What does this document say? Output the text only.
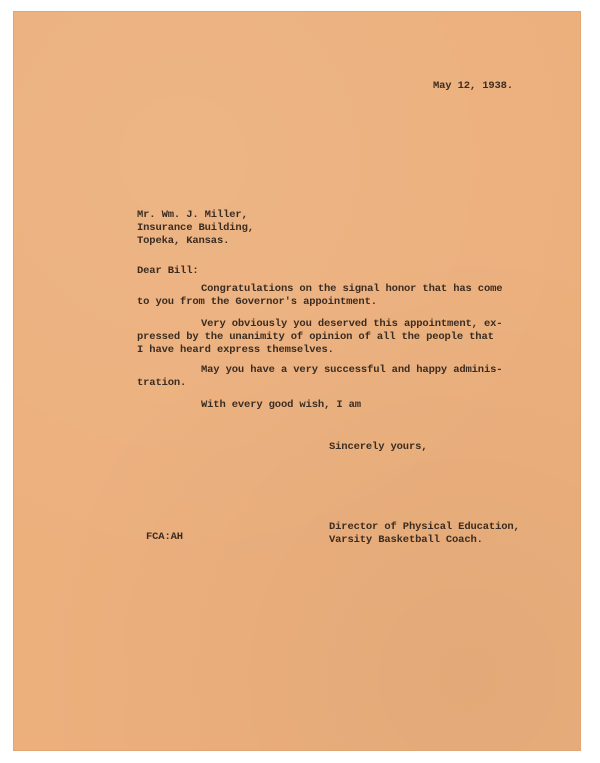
May 12, 1938.
Mr. Wm. J. Miller,
Insurance Building,
Topeka, Kansas.
Dear Bill:
Congratulations on the signal honor that has come
to you from the Governor's appointment.
Very obviously you deserved this appointment, ex-
pressed by the unanimity of opinion of all the people that
I have heard express themselves.
May you have a very successful and happy adminis-
tration.
With every good wish, I am
Sincerely yours,
Director of Physical Education,
Varsity Basketball Coach.
FCA:AH
